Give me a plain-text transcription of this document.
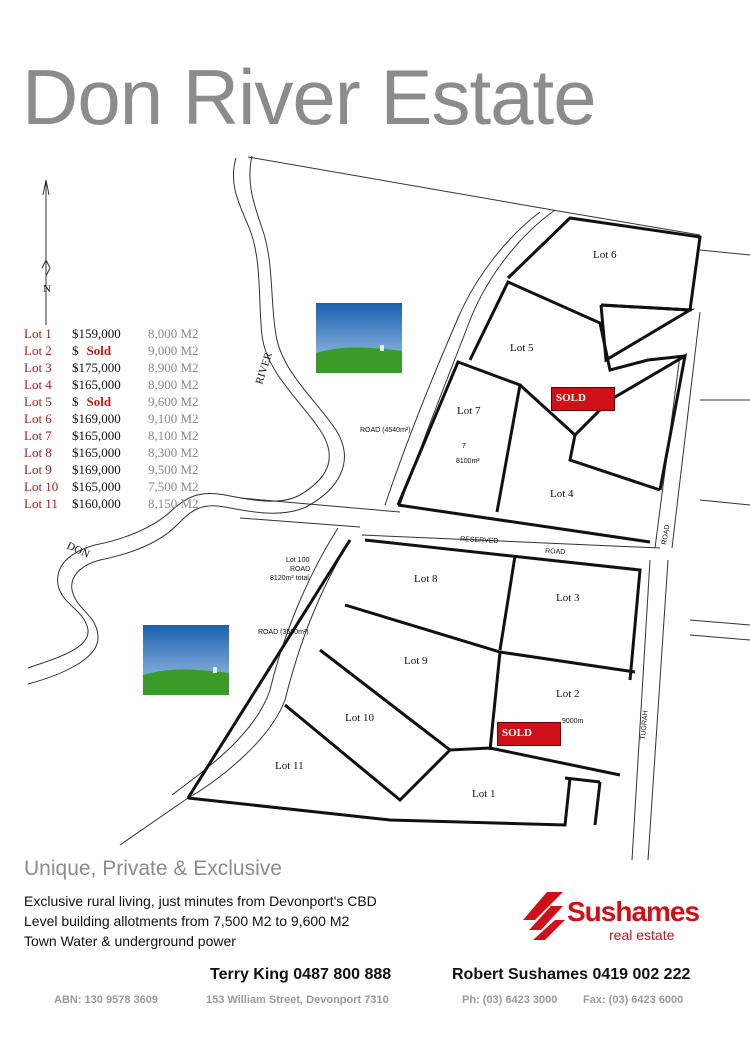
Don River Estate
N
RIVER
DON
Lot 1
Lot 2
Lot 3
Lot 4
Lot 5
Lot 6
Lot 7
Lot 8
Lot 9
Lot 10
Lot 11
7
8100m²
ROAD (4540m²)
ROAD (3580m²)
Lot 100
ROAD
8120m² total
9000m
RESERVED
ROAD
ROAD
TUGRAH
Lot 1 $159,000	8,000 M2
Lot 2 $ Sold	9,000 M2
Lot 3 $175,000	8,900 M2
Lot 4 $165,000	8,900 M2
Lot 5 $ Sold	9,600 M2
Lot 6 $169,000	9,100 M2
Lot 7 $165,000	8,100 M2
Lot 8 $165,000	8,300 M2
Lot 9 $169,000	9,500 M2
Lot 10 $165,000	7,500 M2
Lot 11 $160,000	8,150 M2
SOLD
SOLD
Unique, Private & Exclusive
Exclusive rural living, just minutes from Devonport's CBD
Level building allotments from 7,500 M2 to 9,600 M2
Town Water & underground power
Sushames
real estate
Terry King 0487 800 888	Robert Sushames 0419 002 222
ABN: 130 9578 3609	153 William Street, Devonport 7310	Ph: (03) 6423 3000 Fax: (03) 6423 6000
